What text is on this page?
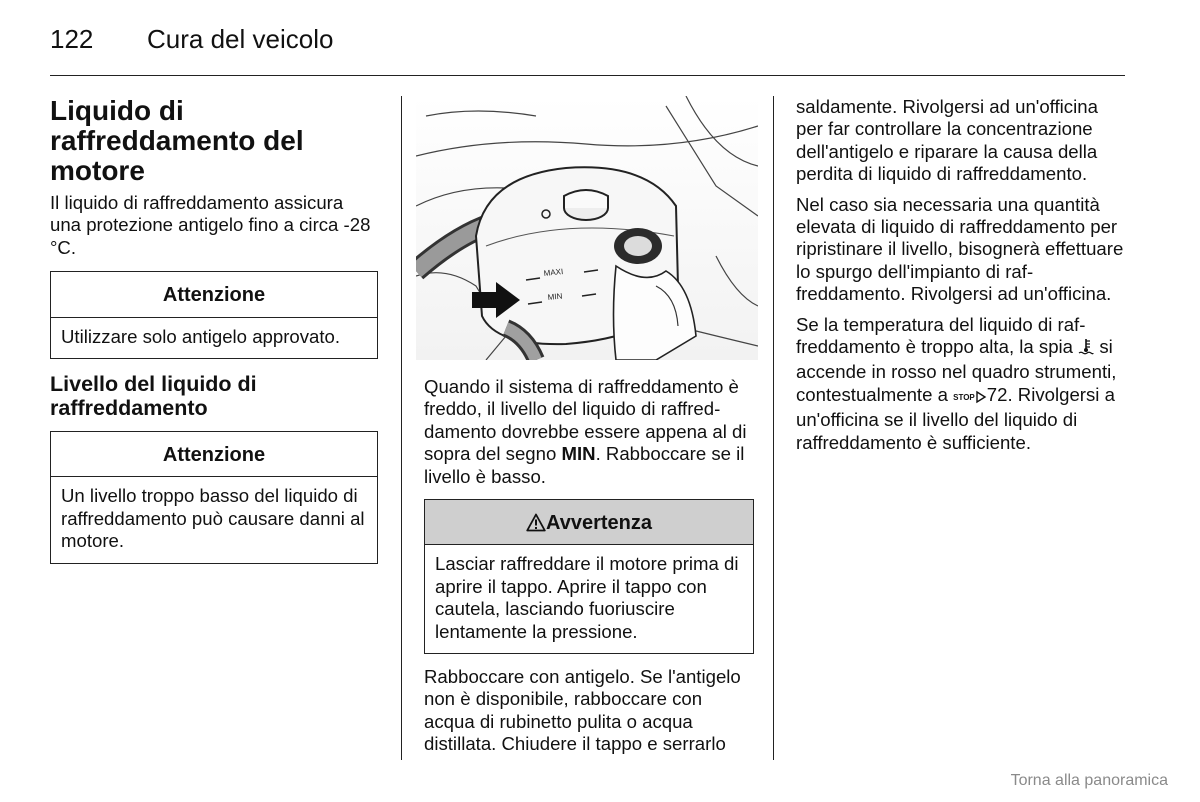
122 Cura del veicolo
Liquido di raffreddamento del motore

Il liquido di raffreddamento assicura una protezione antigelo fino a circa -28 °C.

Attenzione
Utilizzare solo antigelo approvato.
Livello del liquido di raffreddamento
Attenzione
Un livello troppo basso del liquido di raffreddamento può causare danni al motore.
MAXI
MIN

Quando il sistema di raffreddamento è freddo, il livello del liquido di raffreddamento dovrebbe essere appena al di sopra del segno MIN. Rabboccare se il livello è basso.

Avvertenza
Lasciar raffreddare il motore prima di aprire il tappo. Aprire il tappo con cautela, lasciando fuoriuscire lentamente la pressione.

Rabboccare con antigelo. Se l'antigelo non è disponibile, rabboccare con acqua di rubinetto pulita o acqua distillata. Chiudere il tappo e serrarlo

saldamente. Rivolgersi ad un'officina per far controllare la concentrazione dell'antigelo e riparare la causa della perdita di liquido di raffreddamento.

Nel caso sia necessaria una quantità elevata di liquido di raffreddamento per ripristinare il livello, bisognerà effettuare lo spurgo dell'impianto di raffreddamento. Rivolgersi ad un'officina.

Se la temperatura del liquido di raffreddamento è troppo alta, la spia  si accende in rosso nel quadro strumenti, contestualmente a STOP 72. Rivolgersi a un'officina se il livello del liquido di raffreddamento è sufficiente.

Torna alla panoramica
